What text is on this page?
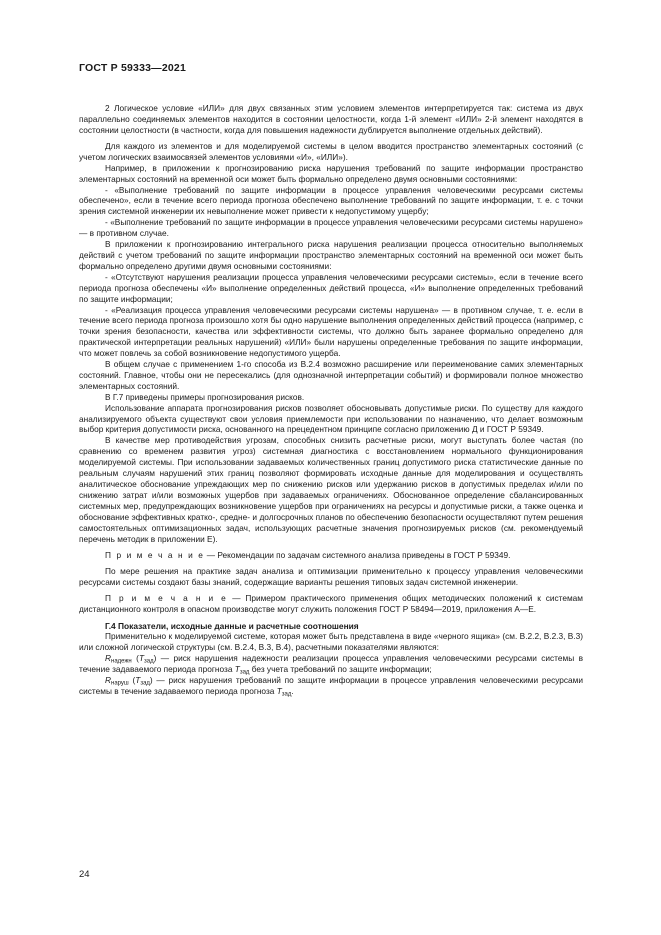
ГОСТ Р 59333—2021

2 Логическое условие «ИЛИ» для двух связанных этим условием элементов интерпретируется так: система из двух параллельно соединяемых элементов находится в состоянии целостности, когда 1-й элемент «ИЛИ» 2-й элемент находятся в состоянии целостности (в частности, когда для повышения надежности дублируется выполнение отдельных действий).

Для каждого из элементов и для моделируемой системы в целом вводится пространство элементарных состояний (с учетом логических взаимосвязей элементов условиями «И», «ИЛИ»).

Например, в приложении к прогнозированию риска нарушения требований по защите информации пространство элементарных состояний на временной оси может быть формально определено двумя основными состояниями:

- «Выполнение требований по защите информации в процессе управления человеческими ресурсами системы обеспечено», если в течение всего периода прогноза обеспечено выполнение требований по защите информации, т. е. с точки зрения системной инженерии их невыполнение может привести к недопустимому ущербу;

- «Выполнение требований по защите информации в процессе управления человеческими ресурсами системы нарушено» — в противном случае.

В приложении к прогнозированию интегрального риска нарушения реализации процесса относительно выполняемых действий с учетом требований по защите информации пространство элементарных состояний на временной оси может быть формально определено другими двумя основными состояниями:

- «Отсутствуют нарушения реализации процесса управления человеческими ресурсами системы», если в течение всего периода прогноза обеспечены «И» выполнение определенных действий процесса, «И» выполнение определенных требований по защите информации;

- «Реализация процесса управления человеческими ресурсами системы нарушена» — в противном случае, т. е. если в течение всего периода прогноза произошло хотя бы одно нарушение выполнения определенных действий процесса (например, с точки зрения безопасности, качества или эффективности системы, что должно быть заранее формально определено для практической интерпретации реальных нарушений) «ИЛИ» были нарушены определенные требования по защите информации, что может повлечь за собой возникновение недопустимого ущерба.

В общем случае с применением 1-го способа из В.2.4 возможно расширение или переименование самих элементарных состояний. Главное, чтобы они не пересекались (для однозначной интерпретации событий) и формировали полное множество элементарных состояний.

В Г.7 приведены примеры прогнозирования рисков.

Использование аппарата прогнозирования рисков позволяет обосновывать допустимые риски. По существу для каждого анализируемого объекта существуют свои условия приемлемости при использовании по назначению, что делает возможным выбор критерия допустимости риска, основанного на прецедентном принципе согласно приложению Д и ГОСТ Р 59349.

В качестве мер противодействия угрозам, способных снизить расчетные риски, могут выступать более частая (по сравнению со временем развития угроз) системная диагностика с восстановлением нормального функционирования моделируемой системы. При использовании задаваемых количественных границ допустимого риска статистические данные по реальным случаям нарушений этих границ позволяют формировать исходные данные для моделирования и осуществлять аналитическое обоснование упреждающих мер по снижению рисков или удержанию рисков в допустимых пределах и/или по снижению затрат и/или возможных ущербов при задаваемых ограничениях. Обоснованное определение сбалансированных системных мер, предупреждающих возникновение ущербов при ограничениях на ресурсы и допустимые риски, а также оценка и обоснование эффективных кратко-, средне- и долгосрочных планов по обеспечению безопасности осуществляют путем решения самостоятельных оптимизационных задач, использующих расчетные значения прогнозируемых рисков (см. рекомендуемый перечень методик в приложении Е).

П р и м е ч а н и е — Рекомендации по задачам системного анализа приведены в ГОСТ Р 59349.

По мере решения на практике задач анализа и оптимизации применительно к процессу управления человеческими ресурсами системы создают базы знаний, содержащие варианты решения типовых задач системной инженерии.

П р и м е ч а н и е — Примером практического применения общих методических положений к системам дистанционного контроля в опасном производстве могут служить положения ГОСТ Р 58494—2019, приложения А—Е.

Г.4 Показатели, исходные данные и расчетные соотношения

Применительно к моделируемой системе, которая может быть представлена в виде «черного ящика» (см. В.2.2, В.2.3, В.3) или сложной логической структуры (см. В.2.4, В.3, В.4), расчетными показателями являются:

$R_{надежн}$ $(T_{зад})$ — риск нарушения надежности реализации процесса управления человеческими ресурсами системы в течение задаваемого периода прогноза $T_{зад}$ без учета требований по защите информации;

$R_{наруш}$ $(T_{зад})$ — риск нарушения требований по защите информации в процессе управления человеческими ресурсами системы в течение задаваемого периода прогноза $T_{зад}$.

24
